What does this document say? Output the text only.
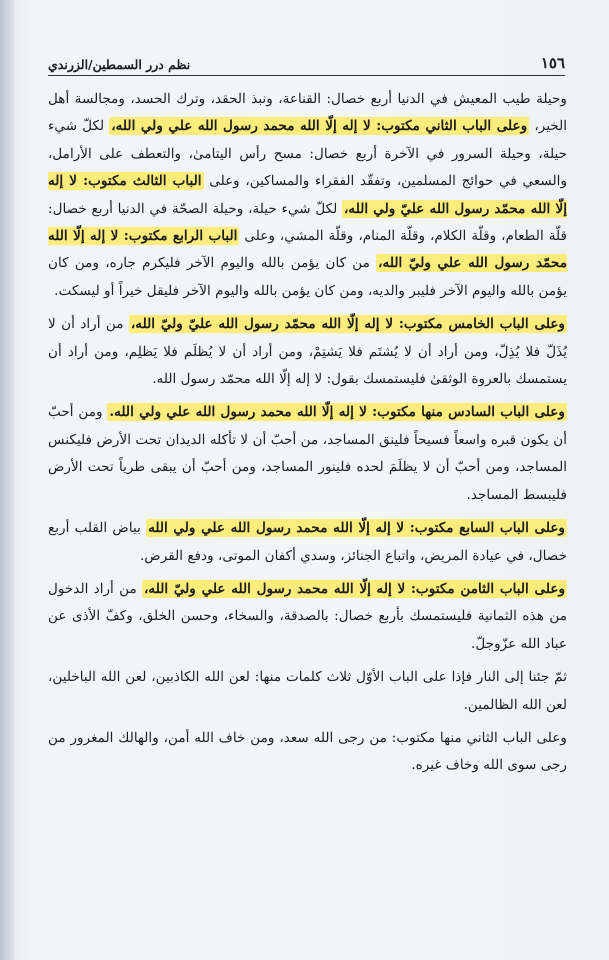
١٥٦
نظم درر السمطين/الزرندي

وحيلة طيب المعيش في الدنيا أربع خصال: القناعة، ونبذ الحقد، وترك الحسد، ومجالسة أهل الخير، وعلى الباب الثاني مكتوب: لا إله إلّا الله محمد رسول الله علي ولي الله، لكلّ شيء حيلة، وحيلة السرور في الآخرة أربع خصال: مسح رأس اليتامىٰ، والتعطف على الأرامل، والسعي في حوائج المسلمين، وتفقّد الفقراء والمساكين، وعلى الباب الثالث مكتوب: لا إله إلّا الله محمّد رسول الله عليّ ولي الله، لكلّ شيء حيلة، وحيلة الصحّة في الدنيا أربع خصال: قلّة الطعام، وقلّة الكلام، وقلّة المنام، وقلّة المشي، وعلى الباب الرابع مكتوب: لا إله إلّا الله محمّد رسول الله علي وليّ الله، من كان يؤمن بالله واليوم الآخر فليكرم جاره، ومن كان يؤمن بالله واليوم الآخر فليبر والديه، ومن كان يؤمن بالله واليوم الآخر فليقل خيراً أو ليسكت.

وعلى الباب الخامس مكتوب: لا إله إلّا الله محمّد رسول الله عليّ وليّ الله، من أراد أن لا يُذَلّ فلا يُذِلّ، ومن أراد أن لا يُشتَم فلا يَشتِمْ، ومن أراد أن لا يُظلَم فلا يَظلِم، ومن أراد أن يستمسك بالعروة الوثقىٰ فليستمسك بقول: لا إله إلّا الله محمّد رسول الله.

وعلى الباب السادس منها مكتوب: لا إله إلّا الله محمد رسول الله علي ولي الله. ومن أحبّ أن يكون قبره واسعاً فسيحاً فلينق المساجد، من أحبّ أن لا تأكله الديدان تحت الأرض فليكنس المساجد، ومن أحبّ أن لا يظلَمَ لحده فلينور المساجد، ومن أحبّ أن يبقى طرياً تحت الأرض فليبسط المساجد.

وعلى الباب السابع مكتوب: لا إله إلّا الله محمد رسول الله علي ولي الله بياض القلب أربع خصال، في عيادة المريض، واتباع الجنائز، وسدي أكفان الموتى، ودفع القرض.

وعلى الباب الثامن مكتوب: لا إله إلّا الله محمد رسول الله علي وليّ الله، من أراد الدخول من هذه الثمانية فليستمسك بأربع خصال: بالصدقة، والسخاء، وحسن الخلق، وكفّ الأذى عن عباد الله عزّوجلّ.

ثمّ جئنا إلى النار فإذا على الباب الأوّل ثلاث كلمات منها: لعن الله الكاذبين، لعن الله الباخلين، لعن الله الظالمين.

وعلى الباب الثاني منها مكتوب: من رجى الله سعد، ومن خاف الله أمن، والهالك المغرور من رجى سوى الله وخاف غيره.
